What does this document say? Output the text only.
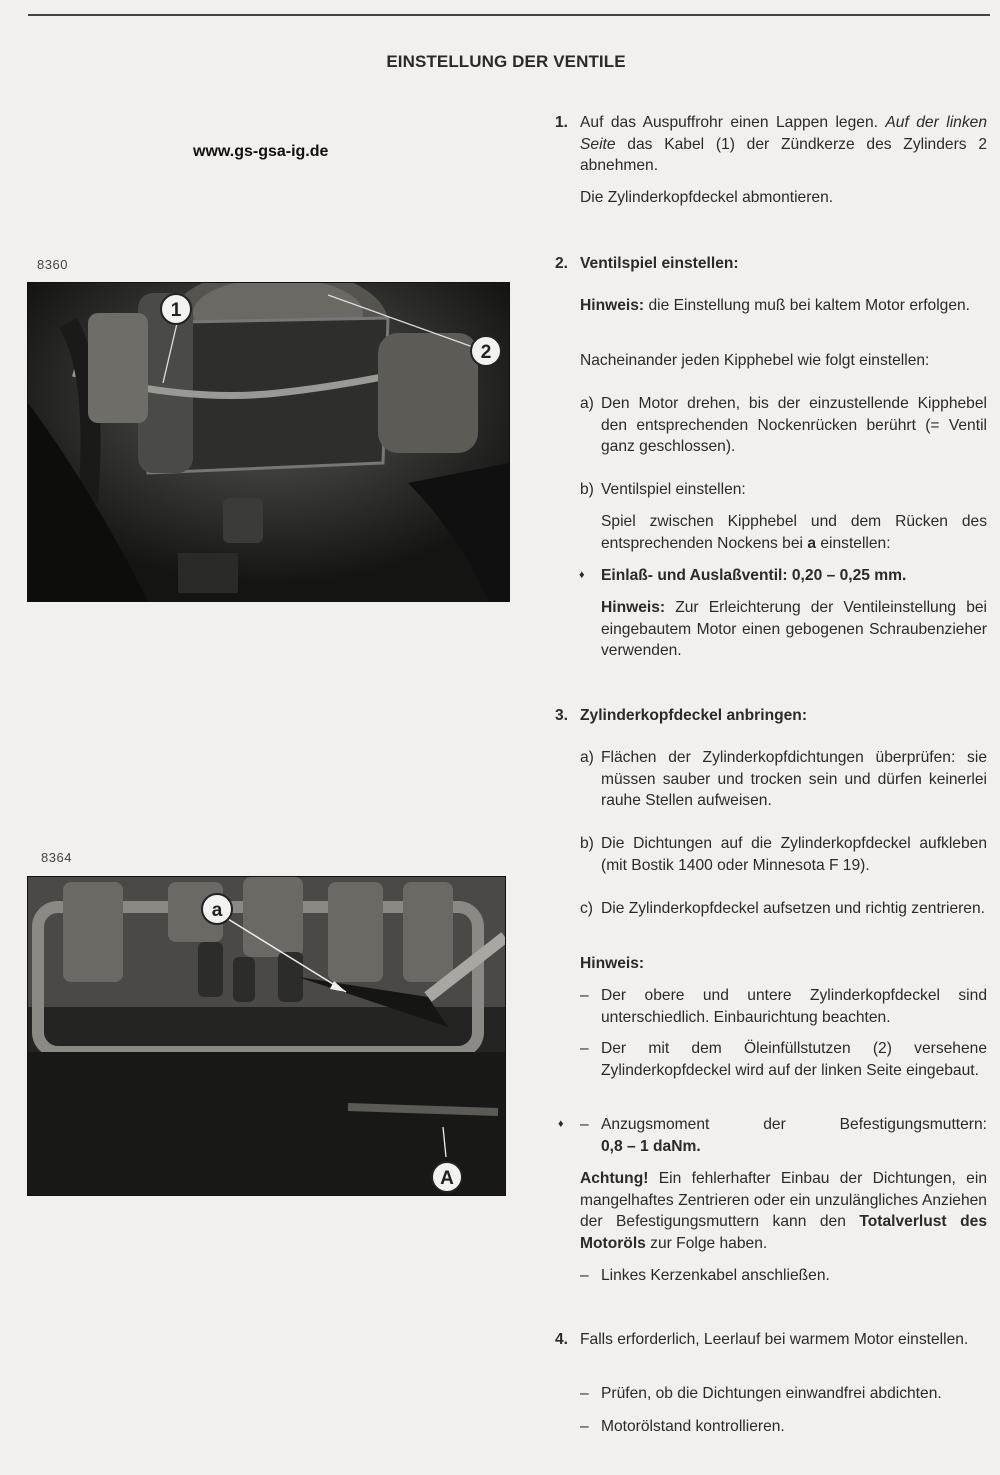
EINSTELLUNG DER VENTILE
www.gs-gsa-ig.de
8360
1
2
8364
a
A
1. Auf das Auspuffrohr einen Lappen legen. Auf der linken Seite das Kabel (1) der Zündkerze des Zylinders 2 abnehmen.
Die Zylinderkopfdeckel abmontieren.
2. Ventilspiel einstellen:
Hinweis: die Einstellung muß bei kaltem Motor erfolgen.
Nacheinander jeden Kipphebel wie folgt einstellen:
a) Den Motor drehen, bis der einzustellende Kipphebel den entsprechenden Nockenrücken berührt (= Ventil ganz geschlossen).
b) Ventilspiel einstellen:
Spiel zwischen Kipphebel und dem Rücken des entsprechenden Nockens bei a einstellen:
♦ Einlaß- und Auslaßventil: 0,20 – 0,25 mm.
Hinweis: Zur Erleichterung der Ventileinstellung bei eingebautem Motor einen gebogenen Schraubenzieher verwenden.
3. Zylinderkopfdeckel anbringen:
a) Flächen der Zylinderkopfdichtungen überprüfen: sie müssen sauber und trocken sein und dürfen keinerlei rauhe Stellen aufweisen.
b) Die Dichtungen auf die Zylinderkopfdeckel aufkleben (mit Bostik 1400 oder Minnesota F 19).
c) Die Zylinderkopfdeckel aufsetzen und richtig zentrieren.
Hinweis:
– Der obere und untere Zylinderkopfdeckel sind unterschiedlich. Einbaurichtung beachten.
– Der mit dem Öleinfüllstutzen (2) versehene Zylinderkopfdeckel wird auf der linken Seite eingebaut.
♦ – Anzugsmoment der Befestigungsmuttern:
0,8 – 1 daNm.
Achtung! Ein fehlerhafter Einbau der Dichtungen, ein mangelhaftes Zentrieren oder ein unzulängliches Anziehen der Befestigungsmuttern kann den Totalverlust des Motoröls zur Folge haben.
– Linkes Kerzenkabel anschließen.
4. Falls erforderlich, Leerlauf bei warmem Motor einstellen.
– Prüfen, ob die Dichtungen einwandfrei abdichten.
– Motorölstand kontrollieren.
